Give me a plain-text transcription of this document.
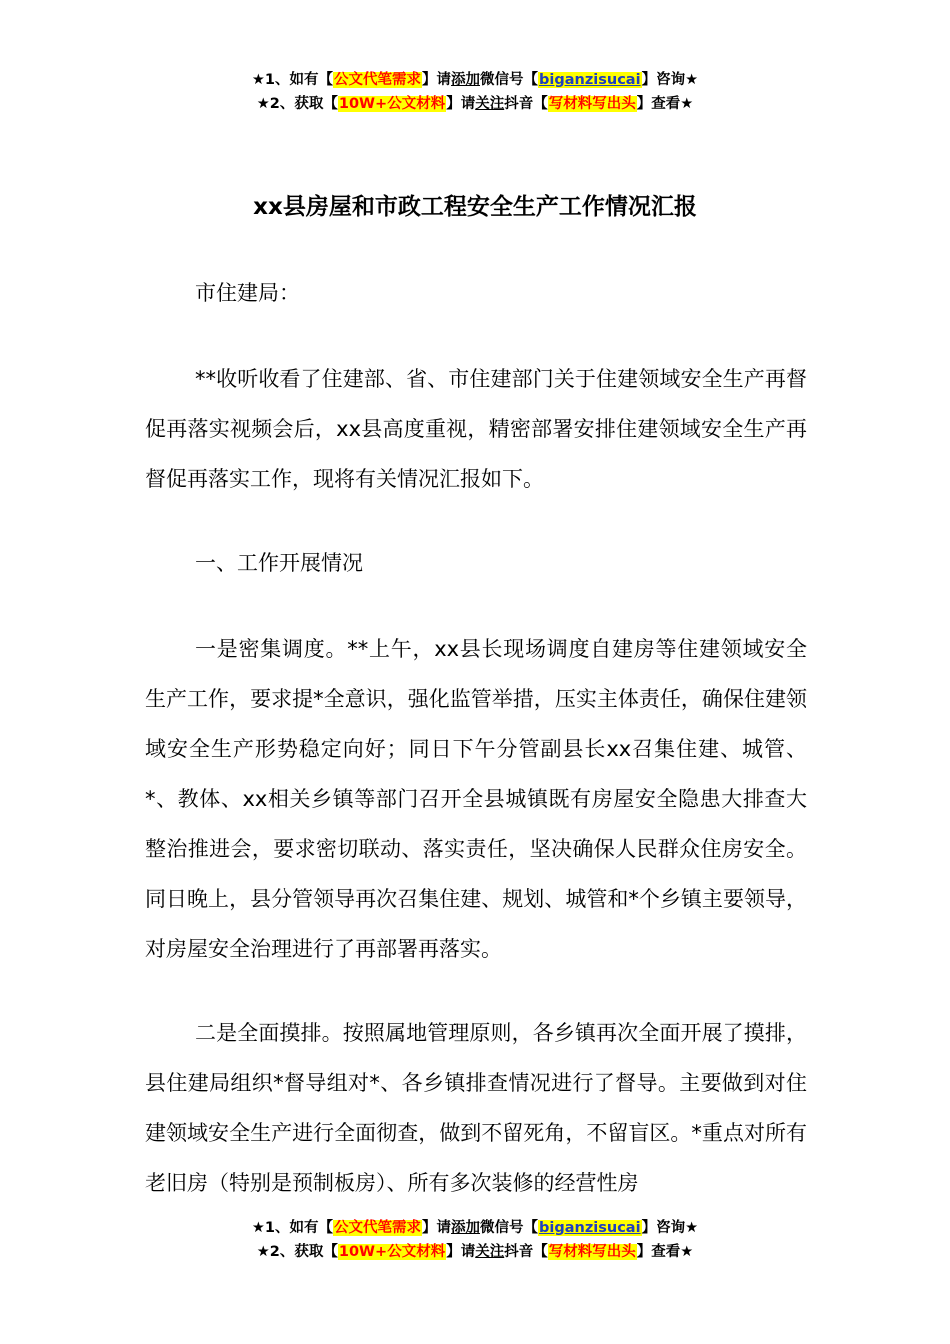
★1、如有【公文代笔需求】请添加微信号【biganzisucai】咨询★
★2、获取【10W+公文材料】请关注抖音【写材料写出头】查看★
xx县房屋和市政工程安全生产工作情况汇报
市住建局：
**收听收看了住建部、省、市住建部门关于住建领域安全生产再督促再落实视频会后，xx县高度重视，精密部署安排住建领域安全生产再督促再落实工作，现将有关情况汇报如下。
一、工作开展情况
一是密集调度。**上午，xx县长现场调度自建房等住建领域安全生产工作，要求提*全意识，强化监管举措，压实主体责任，确保住建领域安全生产形势稳定向好；同日下午分管副县长xx召集住建、城管、*、教体、xx相关乡镇等部门召开全县城镇既有房屋安全隐患大排查大整治推进会，要求密切联动、落实责任，坚决确保人民群众住房安全。同日晚上，县分管领导再次召集住建、规划、城管和*个乡镇主要领导，对房屋安全治理进行了再部署再落实。
二是全面摸排。按照属地管理原则，各乡镇再次全面开展了摸排，县住建局组织*督导组对*、各乡镇排查情况进行了督导。主要做到对住建领域安全生产进行全面彻查，做到不留死角，不留盲区。*重点对所有老旧房（特别是预制板房）、所有多次装修的经营性房
★1、如有【公文代笔需求】请添加微信号【biganzisucai】咨询★
★2、获取【10W+公文材料】请关注抖音【写材料写出头】查看★
